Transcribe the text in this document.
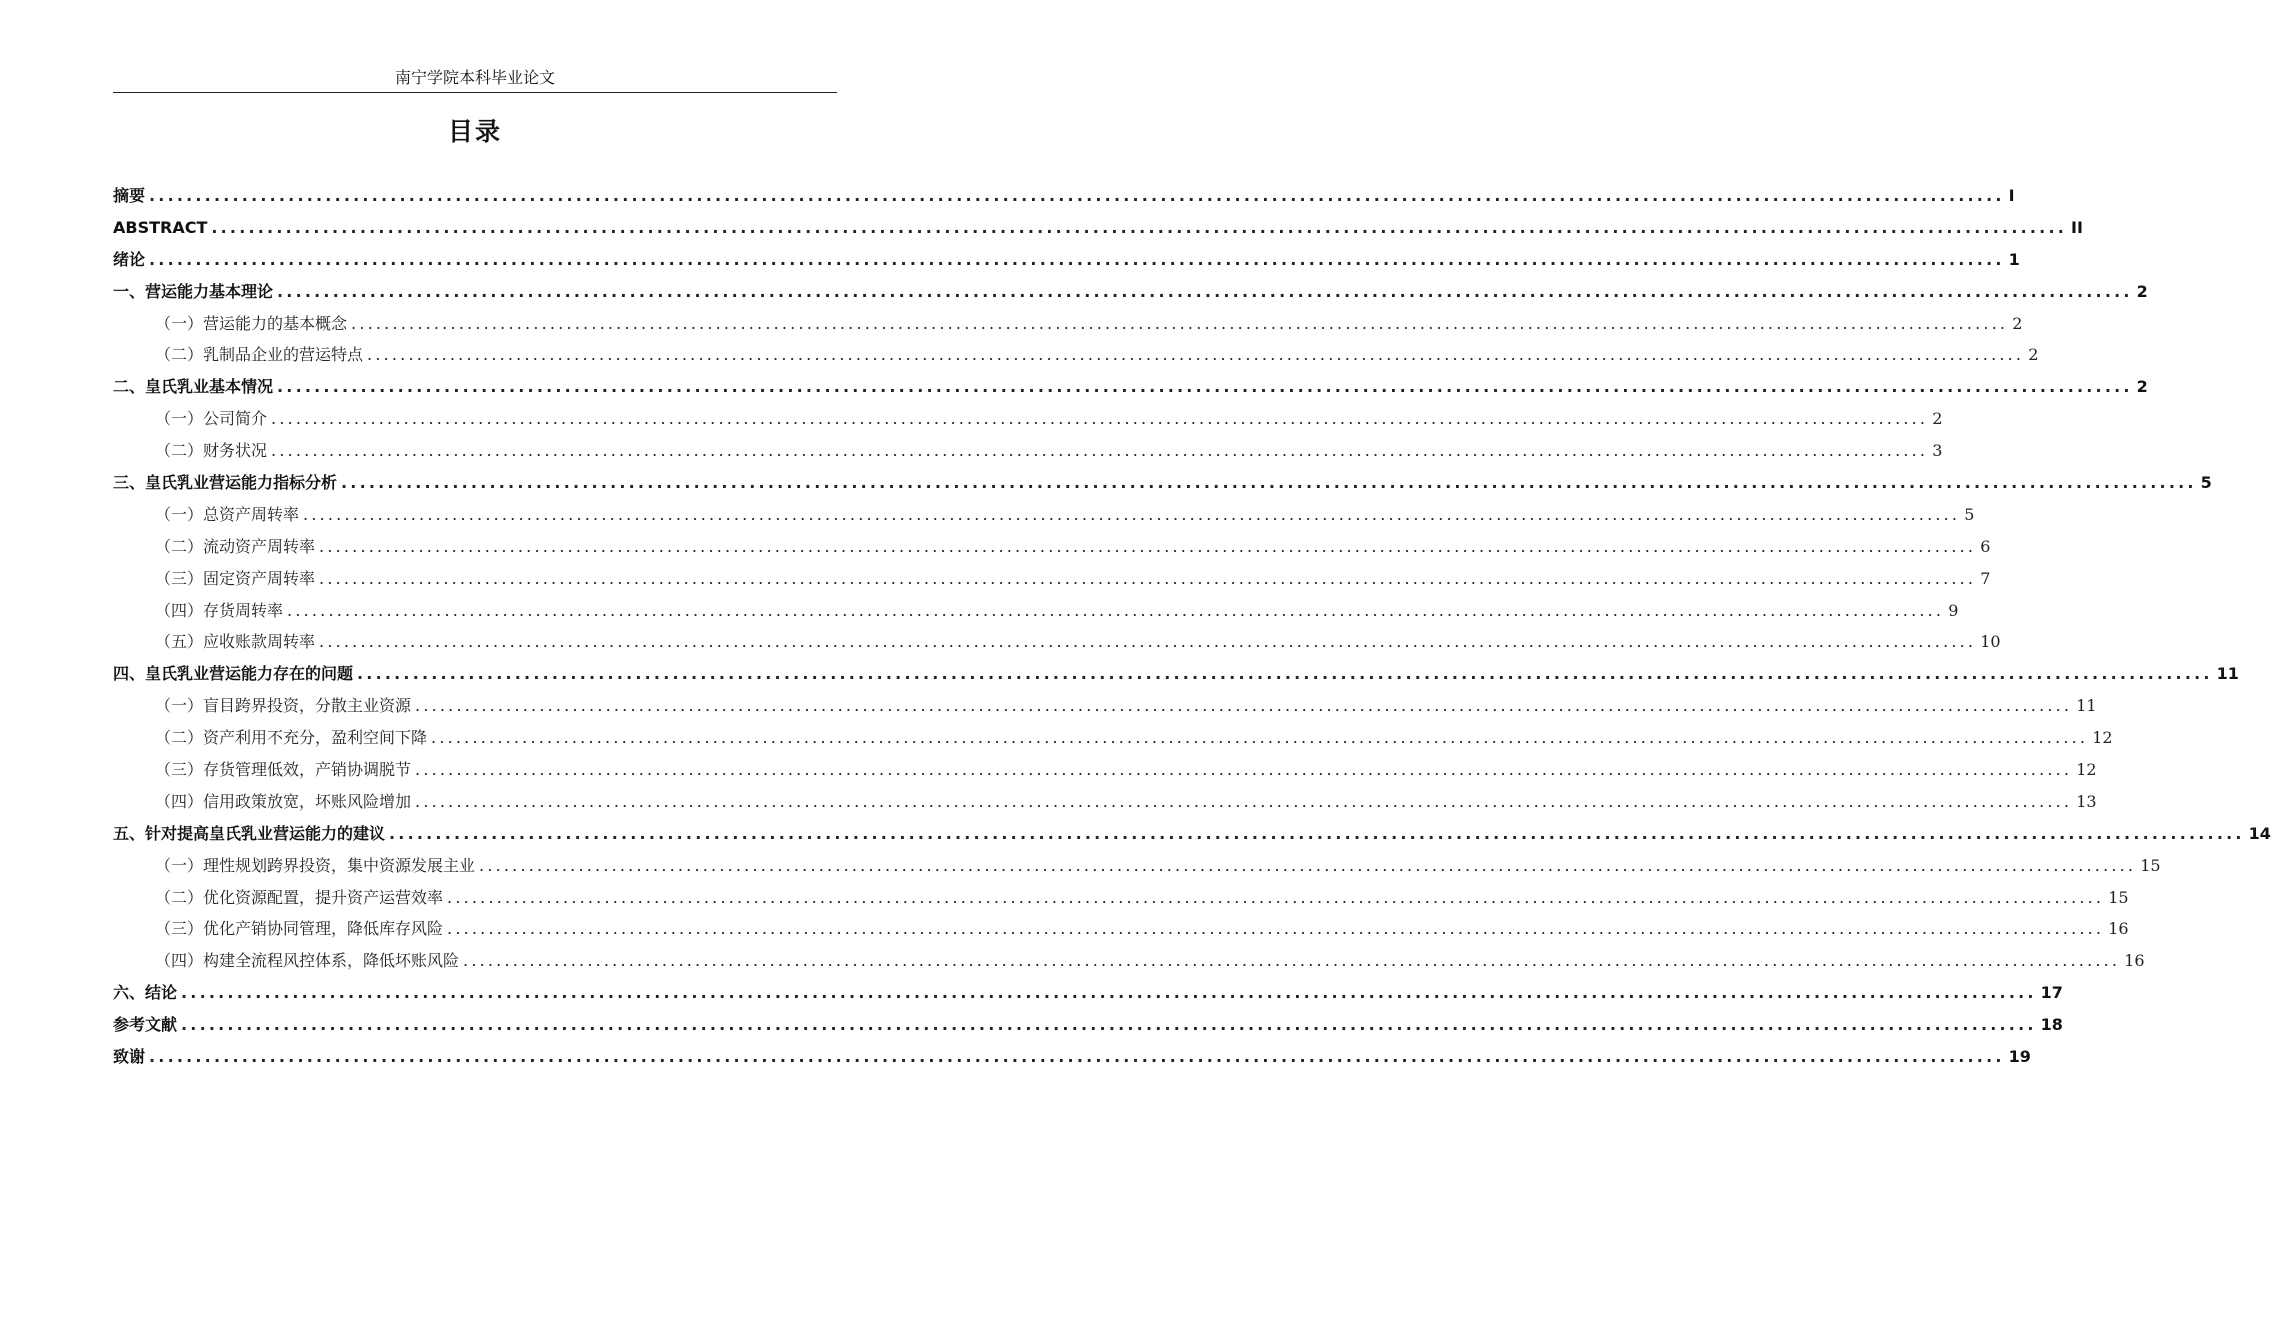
南宁学院本科毕业论文
目录
摘要 ........................................................................................................................................................................................................ I
ABSTRACT ........................................................................................................................................................................................................ II
绪论 ........................................................................................................................................................................................................ 1
一、 营运能力基本理论 ........................................................................................................................................................................................................ 2
（一） 营运能力的基本概念 ........................................................................................................................................................................................................ 2
（二） 乳制品企业的营运特点 ........................................................................................................................................................................................................ 2
二、 皇氏乳业基本情况 ........................................................................................................................................................................................................ 2
（一） 公司简介 ........................................................................................................................................................................................................ 2
（二） 财务状况 ........................................................................................................................................................................................................ 3
三、 皇氏乳业营运能力指标分析 ........................................................................................................................................................................................................ 5
（一） 总资产周转率 ........................................................................................................................................................................................................ 5
（二） 流动资产周转率 ........................................................................................................................................................................................................ 6
（三） 固定资产周转率 ........................................................................................................................................................................................................ 7
（四） 存货周转率 ........................................................................................................................................................................................................ 9
（五） 应收账款周转率 ........................................................................................................................................................................................................ 10
四、 皇氏乳业营运能力存在的问题 ........................................................................................................................................................................................................ 11
（一） 盲目跨界投资，分散主业资源 ........................................................................................................................................................................................................ 11
（二） 资产利用不充分，盈利空间下降 ........................................................................................................................................................................................................ 12
（三） 存货管理低效，产销协调脱节 ........................................................................................................................................................................................................ 12
（四） 信用政策放宽，坏账风险增加 ........................................................................................................................................................................................................ 13
五、 针对提高皇氏乳业营运能力的建议 ........................................................................................................................................................................................................ 14
（一） 理性规划跨界投资，集中资源发展主业 ........................................................................................................................................................................................................ 15
（二） 优化资源配置，提升资产运营效率 ........................................................................................................................................................................................................ 15
（三） 优化产销协同管理，降低库存风险 ........................................................................................................................................................................................................ 16
（四） 构建全流程风控体系，降低坏账风险 ........................................................................................................................................................................................................ 16
六、 结论 ........................................................................................................................................................................................................ 17
参考文献 ........................................................................................................................................................................................................ 18
致谢 ........................................................................................................................................................................................................ 19
